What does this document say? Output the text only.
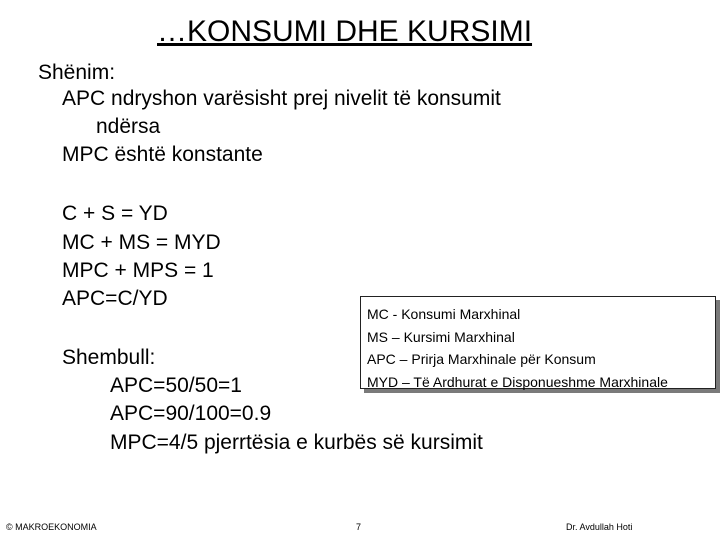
…KONSUMI DHE KURSIMI
Shënim:
APC ndryshon varësisht prej nivelit të konsumit
ndërsa
MPC është konstante
C + S = YD
MC + MS = MYD
MPC + MPS = 1
APC=C/YD
Shembull:
APC=50/50=1
APC=90/100=0.9
MPC=4/5 pjerrtësia e kurbës së kursimit
MC - Konsumi Marxhinal
MS – Kursimi Marxhinal
APC – Prirja Marxhinale për Konsum
MYD – Të Ardhurat e Disponueshme Marxhinale
© MAKROEKONOMIA	7	Dr. Avdullah Hoti
